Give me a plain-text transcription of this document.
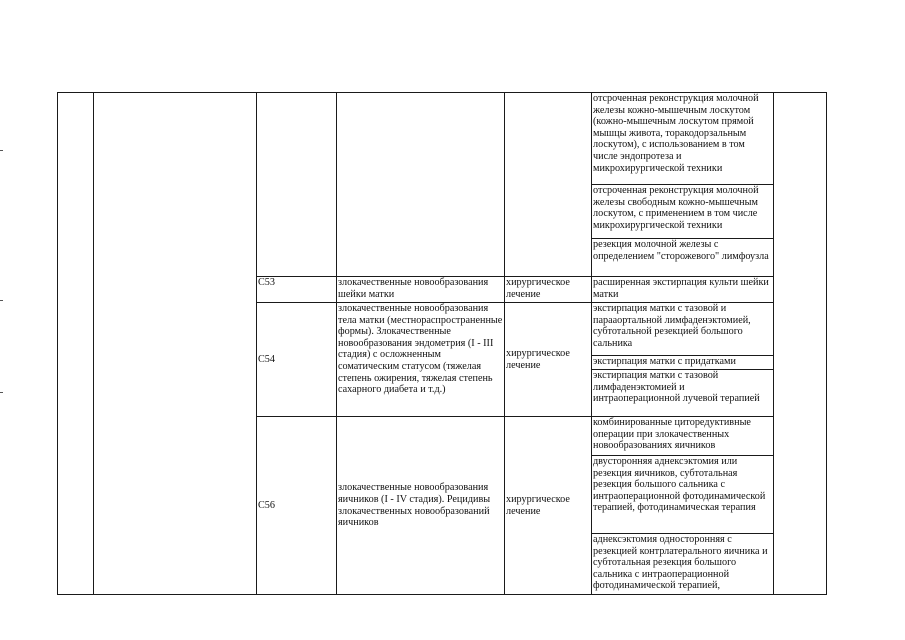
					отсроченная реконструкция молочной железы кожно-мышечным лоскутом (кожно-мышечным лоскутом прямой мышцы живота, торакодорзальным лоскутом), с использованием в том числе эндопротеза и микрохирургической техники	
					отсроченная реконструкция молочной железы свободным кожно-мышечным лоскутом, с применением в том числе микрохирургической техники	
					резекция молочной железы с определением "сторожевого" лимфоузла	
		C53	злокачественные новообразования шейки матки	хирургическое лечение	расширенная экстирпация культи шейки матки	
		C54	злокачественные новообразования тела матки (местнораспространенные формы). Злокачественные новообразования эндометрия (I - III стадия) с осложненным соматическим статусом (тяжелая степень ожирения, тяжелая степень сахарного диабета и т.д.)	хирургическое лечение	экстирпация матки с тазовой и парааортальной лимфаденэктомией, субтотальной резекцией большого сальника	
					экстирпация матки с придатками	
					экстирпация матки с тазовой лимфаденэктомией и интраоперационной лучевой терапией	
		C56	злокачественные новообразования яичников (I - IV стадия). Рецидивы злокачественных новообразований яичников	хирургическое лечение	комбинированные циторедуктивные операции при злокачественных новообразованиях яичников	
					двусторонняя аднексэктомия или резекция яичников, субтотальная резекция большого сальника с интраоперационной фотодинамической терапией, фотодинамическая терапия	
					аднексэктомия односторонняя с резекцией контрлатерального яичника и субтотальная резекция большого сальника с интраоперационной фотодинамической терапией,	
